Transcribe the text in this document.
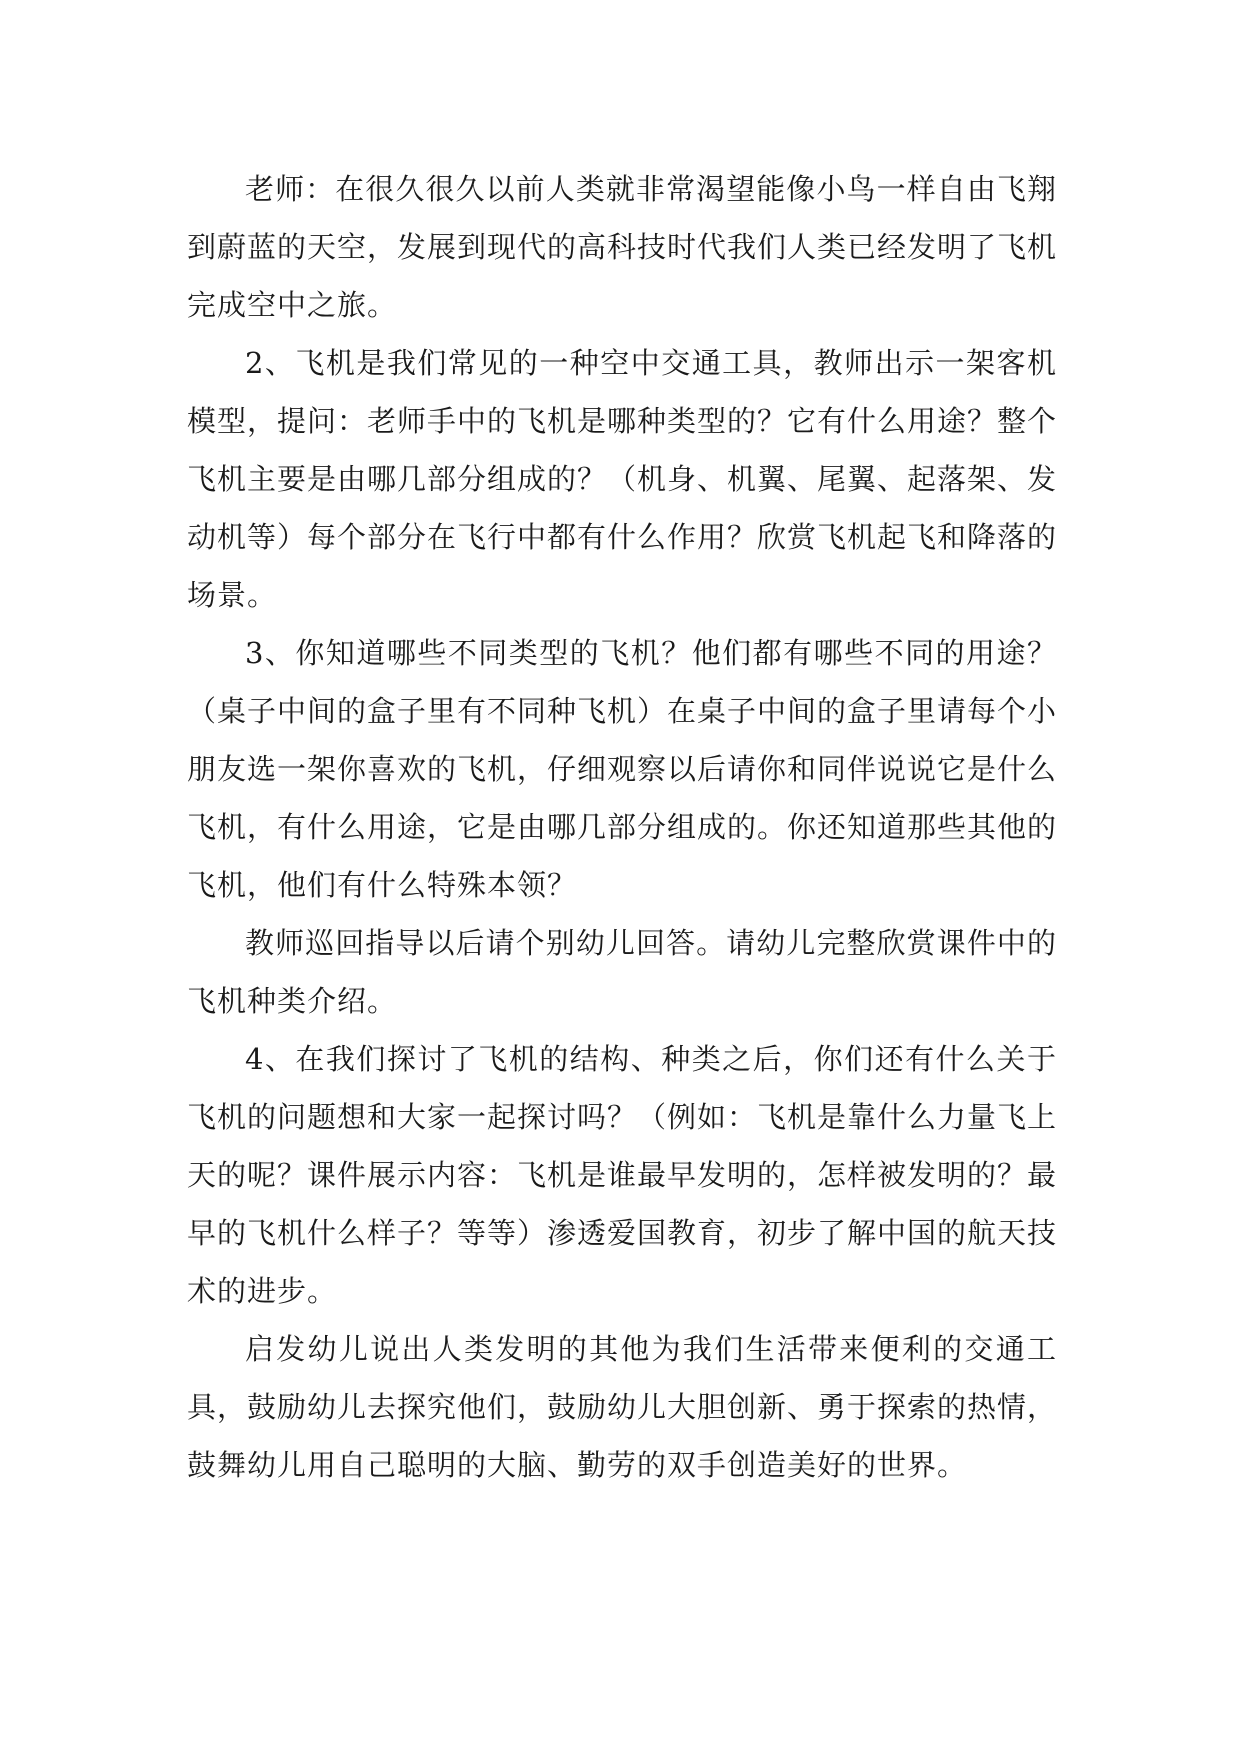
老师：在很久很久以前人类就非常渴望能像小鸟一样自由飞翔到蔚蓝的天空，发展到现代的高科技时代我们人类已经发明了飞机完成空中之旅。

2、飞机是我们常见的一种空中交通工具，教师出示一架客机模型，提问：老师手中的飞机是哪种类型的？它有什么用途？整个飞机主要是由哪几部分组成的？（机身、机翼、尾翼、起落架、发动机等）每个部分在飞行中都有什么作用？欣赏飞机起飞和降落的场景。

3、你知道哪些不同类型的飞机？他们都有哪些不同的用途？（桌子中间的盒子里有不同种飞机）在桌子中间的盒子里请每个小朋友选一架你喜欢的飞机，仔细观察以后请你和同伴说说它是什么飞机，有什么用途，它是由哪几部分组成的。你还知道那些其他的飞机，他们有什么特殊本领？

教师巡回指导以后请个别幼儿回答。请幼儿完整欣赏课件中的飞机种类介绍。

4、在我们探讨了飞机的结构、种类之后，你们还有什么关于飞机的问题想和大家一起探讨吗？（例如：飞机是靠什么力量飞上天的呢？课件展示内容：飞机是谁最早发明的，怎样被发明的？最早的飞机什么样子？等等）渗透爱国教育，初步了解中国的航天技术的进步。

启发幼儿说出人类发明的其他为我们生活带来便利的交通工具，鼓励幼儿去探究他们，鼓励幼儿大胆创新、勇于探索的热情，鼓舞幼儿用自己聪明的大脑、勤劳的双手创造美好的世界。
